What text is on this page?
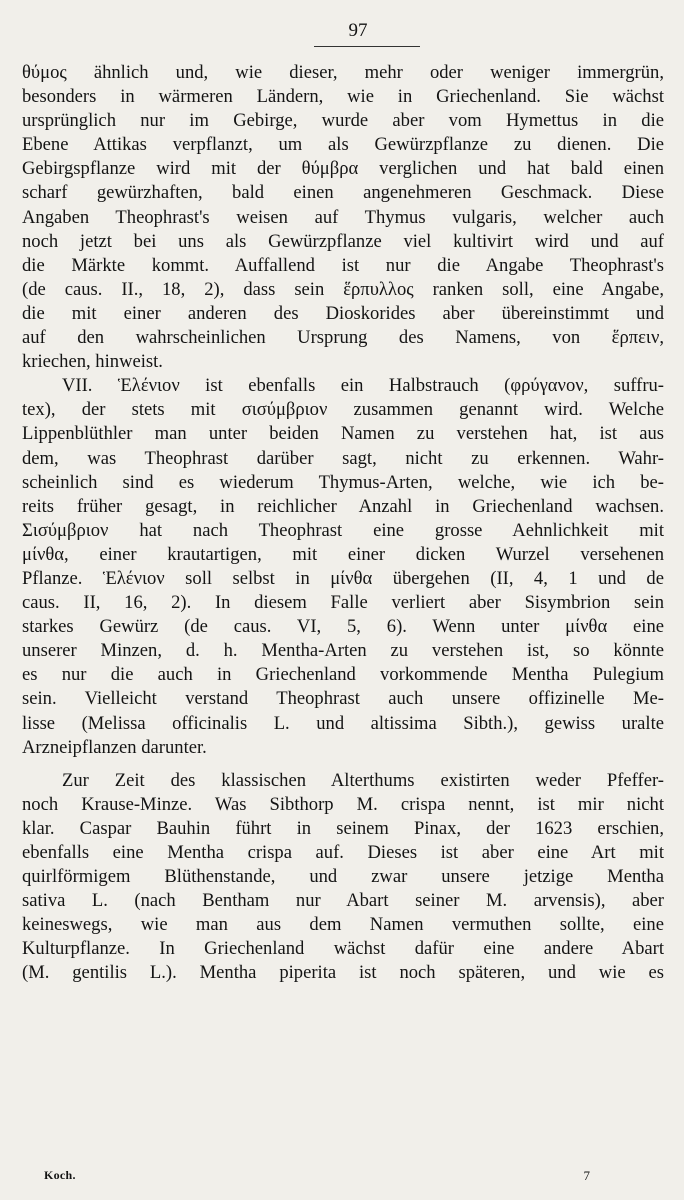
97
θύμος ähnlich und, wie dieser, mehr oder weniger immergrün,
besonders in wärmeren Ländern, wie in Griechenland. Sie wächst
ursprünglich nur im Gebirge, wurde aber vom Hymettus in die
Ebene Attikas verpflanzt, um als Gewürzpflanze zu dienen. Die
Gebirgspflanze wird mit der θύμβρα verglichen und hat bald einen
scharf gewürzhaften, bald einen angenehmeren Geschmack. Diese
Angaben Theophrast's weisen auf Thymus vulgaris, welcher auch
noch jetzt bei uns als Gewürzpflanze viel kultivirt wird und auf
die Märkte kommt. Auffallend ist nur die Angabe Theophrast's
(de caus. II., 18, 2), dass sein ἕρπυλλος ranken soll, eine Angabe,
die mit einer anderen des Dioskorides aber übereinstimmt und
auf den wahrscheinlichen Ursprung des Namens, von ἕρπειν,
kriechen, hinweist.
VII. Ἑλένιον ist ebenfalls ein Halbstrauch (φρύγανον, suffru-
tex), der stets mit σισύμβριον zusammen genannt wird. Welche
Lippenblüthler man unter beiden Namen zu verstehen hat, ist aus
dem, was Theophrast darüber sagt, nicht zu erkennen. Wahr-
scheinlich sind es wiederum Thymus-Arten, welche, wie ich be-
reits früher gesagt, in reichlicher Anzahl in Griechenland wachsen.
Σισύμβριον hat nach Theophrast eine grosse Aehnlichkeit mit
μίνθα, einer krautartigen, mit einer dicken Wurzel versehenen
Pflanze. Ἑλένιον soll selbst in μίνθα übergehen (II, 4, 1 und de
caus. II, 16, 2). In diesem Falle verliert aber Sisymbrion sein
starkes Gewürz (de caus. VI, 5, 6). Wenn unter μίνθα eine
unserer Minzen, d. h. Mentha-Arten zu verstehen ist, so könnte
es nur die auch in Griechenland vorkommende Mentha Pulegium
sein. Vielleicht verstand Theophrast auch unsere offizinelle Me-
lisse (Melissa officinalis L. und altissima Sibth.), gewiss uralte
Arzneipflanzen darunter.
Zur Zeit des klassischen Alterthums existirten weder Pfeffer-
noch Krause-Minze. Was Sibthorp M. crispa nennt, ist mir nicht
klar. Caspar Bauhin führt in seinem Pinax, der 1623 erschien,
ebenfalls eine Mentha crispa auf. Dieses ist aber eine Art mit
quirlförmigem Blüthenstande, und zwar unsere jetzige Mentha
sativa L. (nach Bentham nur Abart seiner M. arvensis), aber
keineswegs, wie man aus dem Namen vermuthen sollte, eine
Kulturpflanze. In Griechenland wächst dafür eine andere Abart
(M. gentilis L.). Mentha piperita ist noch späteren, und wie es
Koch.	7
